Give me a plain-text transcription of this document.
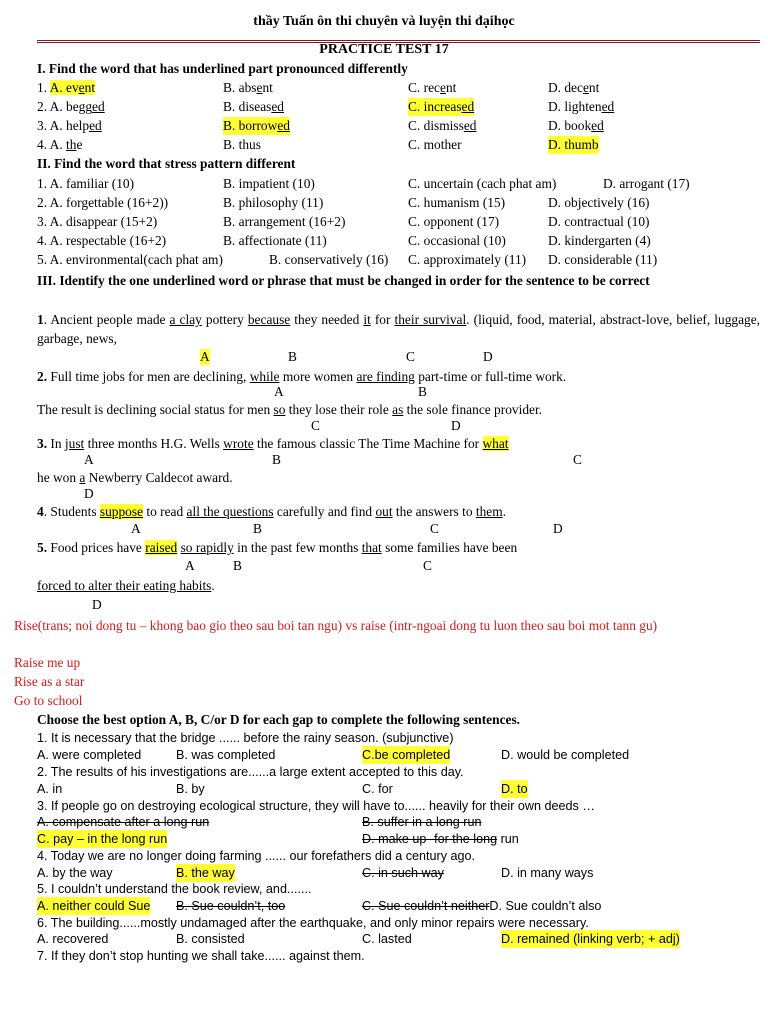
thầy Tuấn ôn thi chuyên và luyện thi đạihọc
PRACTICE TEST 17
I. Find the word that has underlined part pronounced differently
1. A. event	B. absent	C. recent	D. decent
2. A. begged	B. diseased	C. increased	D. lightened
3. A. helped	B. borrowed	C. dismissed	D. booked
4. A. the	B. thus	C. mother	D. thumb
II. Find the word that stress pattern different
1. A. familiar (10)	B. impatient (10)	C. uncertain (cach phat am)	D. arrogant (17)
2. A. forgettable (16+2))	B. philosophy (11)	C. humanism (15)	D. objectively (16)
3. A. disappear (15+2)	B. arrangement (16+2)	C. opponent (17)	D. contractual (10)
4. A. respectable (16+2)	B. affectionate (11)	C. occasional (10)	D. kindergarten (4)
5. A. environmental(cach phat am)	B. conservatively (16) C. approximately (11) D. considerable (11)
III. Identify the one underlined word or phrase that must be changed in order for the sentence to be correct
1. Ancient people made a clay pottery because they needed it for their survival. (liquid, food, material, abstract-love, belief, luggage, garbage, news,
A	B	C	D
2. Full time jobs for men are declining, while more women are finding part-time or full-time work.
A	B
The result is declining social status for men so they lose their role as the sole finance provider.
C	D
3. In just three months H.G. Wells wrote the famous classic The Time Machine for what
A	B	C
he won a Newberry Caldecot award.
D
4. Students suppose to read all the questions carefully and find out the answers to them.
A	B	C	D
5. Food prices have raised so rapidly in the past few months that some families have been
A	B	C
forced to alter their eating habits.
D
Rise(trans; noi dong tu – khong bao gio theo sau boi tan ngu) vs raise (intr-ngoai dong tu luon theo sau boi mot tann gu)
Raise me up
Rise as a star
Go to school
Choose the best option A, B, C/or D for each gap to complete the following sentences.
1. It is necessary that the bridge ...... before the rainy season. (subjunctive)
A. were completed	B. was completed	C.be completed	D. would be completed
2. The results of his investigations are......a large extent accepted to this day.
A. in	B. by	C. for	D. to
3. If people go on destroying ecological structure, they will have to...... heavily for their own deeds …
A. compensate after a long run	B. suffer in a long run
C. pay – in the long run	D. make up- for the long run
4. Today we are no longer doing farming ...... our forefathers did a century ago.
A. by the way	B. the way	C. in such way	D. in many ways
5. I couldn’t understand the book review, and.......
A. neither could Sue B. Sue couldn’t, too	C. Sue couldn’t neitherD. Sue couldn’t also
6. The building......mostly undamaged after the earthquake, and only minor repairs were necessary.
A. recovered	B. consisted	C. lasted	D. remained (linking verb; + adj)
7. If they don’t stop hunting we shall take...... against them.
